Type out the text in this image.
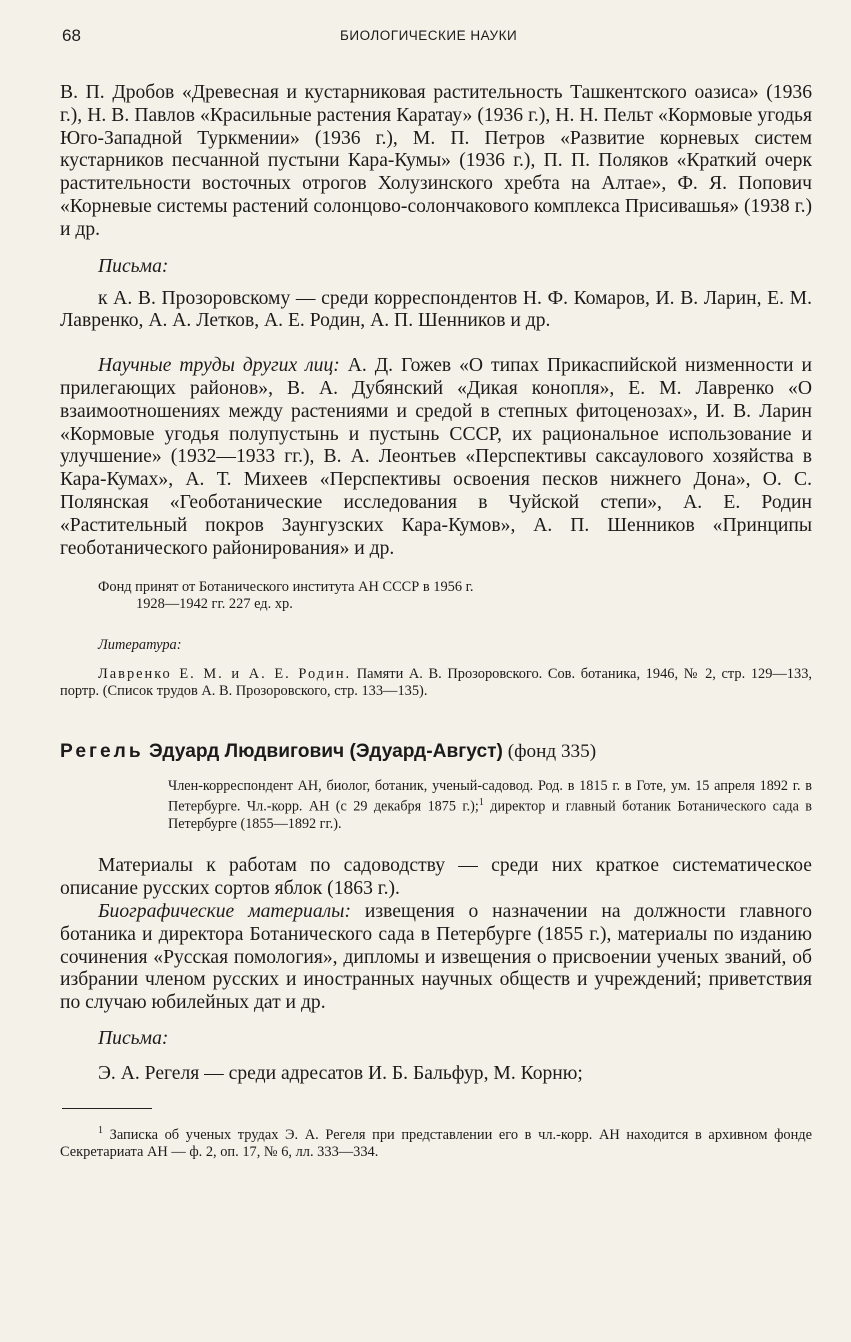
68	БИОЛОГИЧЕСКИЕ НАУКИ

В. П. Дробов «Древесная и кустарниковая растительность Ташкентского оазиса» (1936 г.), Н. В. Павлов «Красильные растения Каратау» (1936 г.), Н. Н. Пельт «Кормовые угодья Юго-Западной Туркмении» (1936 г.), М. П. Петров «Развитие корневых систем кустарников песчанной пустыни Кара-Кумы» (1936 г.), П. П. Поляков «Краткий очерк растительности восточных отрогов Холузинского хребта на Алтае», Ф. Я. Попович «Корневые системы растений солонцово-солончакового комплекса Присивашья» (1938 г.) и др.

Письма:

к А. В. Прозоровскому — среди корреспондентов Н. Ф. Комаров, И. В. Ларин, Е. М. Лавренко, А. А. Летков, А. Е. Родин, А. П. Шенников и др.

Научные труды других лиц: А. Д. Гожев «О типах Прикаспийской низменности и прилегающих районов», В. А. Дубянский «Дикая конопля», Е. М. Лавренко «О взаимоотношениях между растениями и средой в степных фитоценозах», И. В. Ларин «Кормовые угодья полупустынь и пустынь СССР, их рациональное использование и улучшение» (1932—1933 гг.), В. А. Леонтьев «Перспективы саксаулового хозяйства в Кара-Кумах», А. Т. Михеев «Перспективы освоения песков нижнего Дона», О. С. Полянская «Геоботанические исследования в Чуйской степи», А. Е. Родин «Растительный покров Заунгузских Кара-Кумов», А. П. Шенников «Принципы геоботанического районирования» и др.

Фонд принят от Ботанического института АН СССР в 1956 г.
1928—1942 гг. 227 ед. хр.
Литература:

Лавренко Е. М. и А. Е. Родин. Памяти А. В. Прозоровского. Сов. ботаника, 1946, № 2, стр. 129—133, портр. (Список трудов А. В. Прозоровского, стр. 133—135).

Регель Эдуард Людвигович (Эдуард-Август) (фонд 335)

Член-корреспондент АН, биолог, ботаник, ученый-садовод. Род. в 1815 г. в Готе, ум. 15 апреля 1892 г. в Петербурге. Чл.-корр. АН (с 29 декабря 1875 г.);$^1$ директор и главный ботаник Ботанического сада в Петербурге (1855—1892 гг.).

Материалы к работам по садоводству — среди них краткое систематическое описание русских сортов яблок (1863 г.).

Биографические материалы: извещения о назначении на должности главного ботаника и директора Ботанического сада в Петербурге (1855 г.), материалы по изданию сочинения «Русская помология», дипломы и извещения о присвоении ученых званий, об избрании членом русских и иностранных научных обществ и учреждений; приветствия по случаю юбилейных дат и др.

Письма:

Э. А. Регеля — среди адресатов И. Б. Бальфур, М. Корню;

$^1$ Записка об ученых трудах Э. А. Регеля при представлении его в чл.-корр. АН находится в архивном фонде Секретариата АН — ф. 2, оп. 17, № 6, лл. 333—334.
